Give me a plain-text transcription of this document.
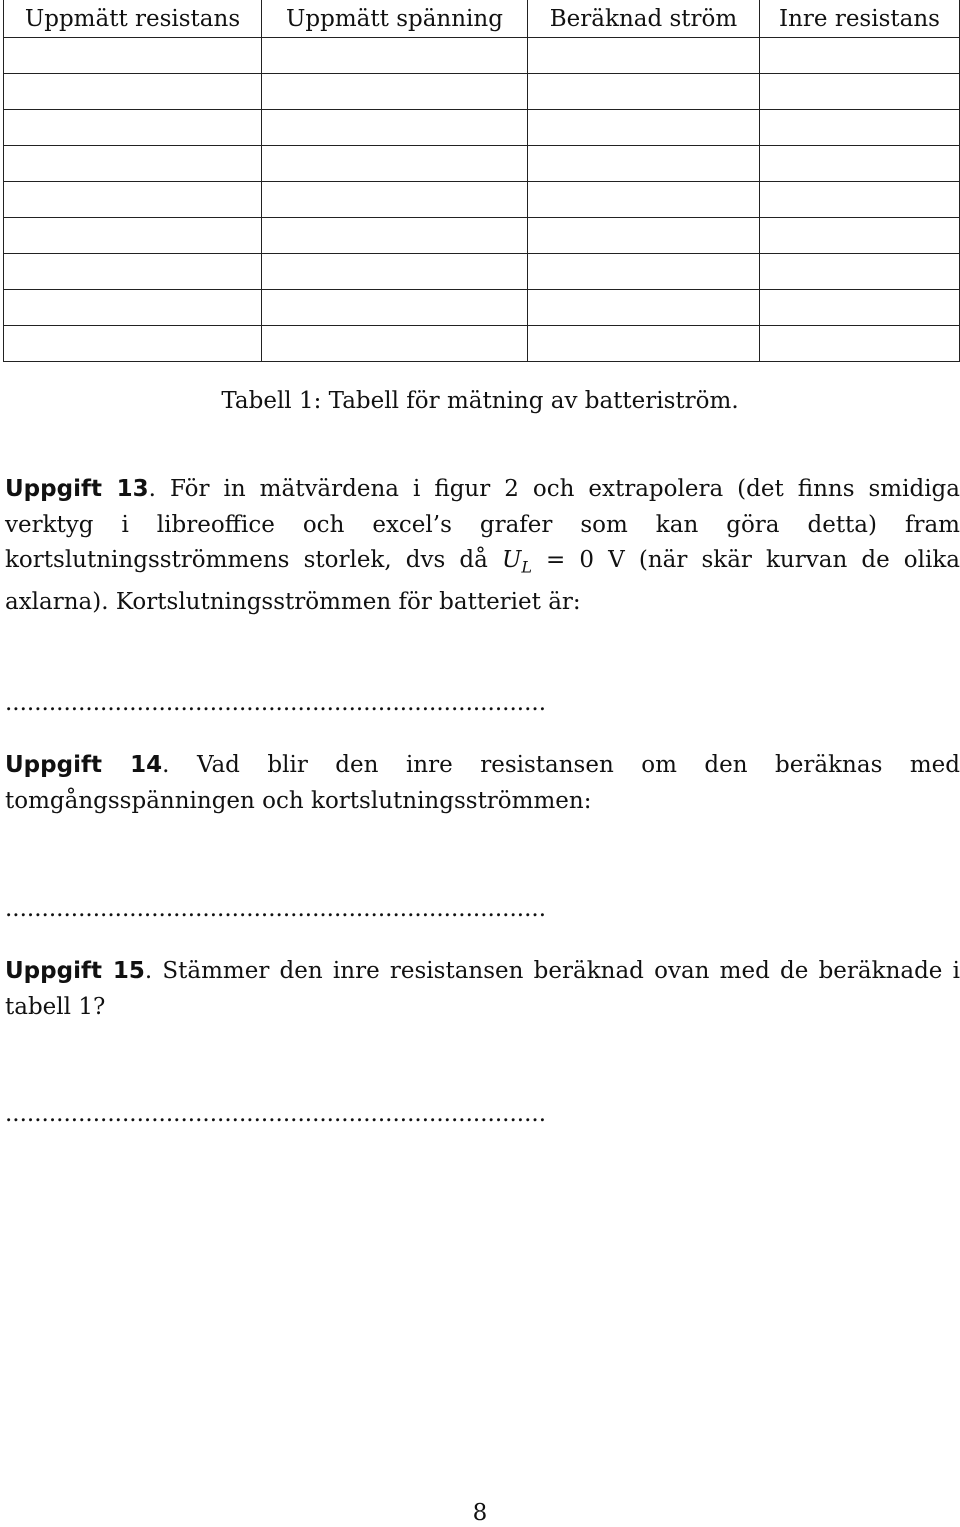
Uppmätt resistans	Uppmätt spänning	Beräknad ström	Inre resistans

Tabell 1: Tabell för mätning av batteriström.
Uppgift 13. För in mätvärdena i figur 2 och extrapolera (det finns smidiga verktyg i libreoffice och excel’s grafer som kan göra detta) fram kortslutningsströmmens storlek, dvs då $U_L = 0$ V (när skär kurvan de olika axlarna). Kortslutningsströmmen för batteriet är:
..........................................................................
Uppgift 14. Vad blir den inre resistansen om den beräknas med tomgångsspänningen och kortslutningsströmmen:
..........................................................................
Uppgift 15. Stämmer den inre resistansen beräknad ovan med de beräknade i tabell 1?
..........................................................................
8
